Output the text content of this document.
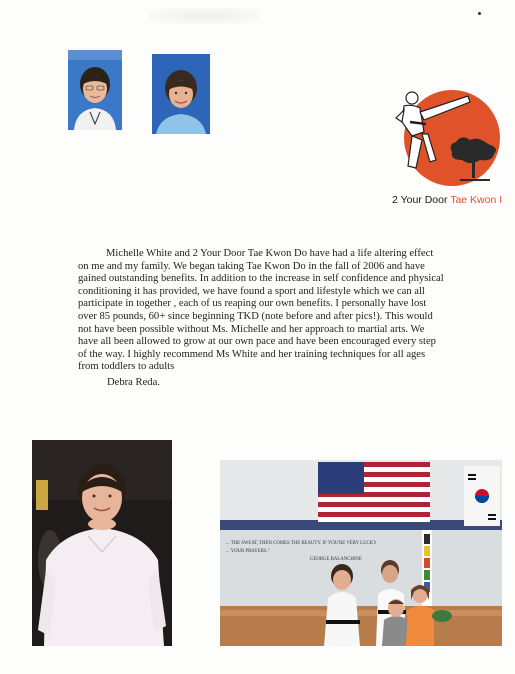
2 Your Door Tae Kwon I

Michelle White and 2 Your Door Tae Kwon Do have had a life altering effect on me and my family. We began taking Tae Kwon Do in the fall of 2006 and have gained outstanding benefits. In addition to the increase in self confidence and physical conditioning it has provided, we have found a sport and lifestyle which we can all participate in together , each of us reaping our own benefits. I personally have lost over 85 pounds, 60+ since beginning TKD (note before and after pics!). This would not have been possible without Ms. Michelle and her approach to martial arts. We have all been allowed to grow at our own pace and have been encouraged every step of the way. I highly recommend Ms White and her training techniques for all ages from toddlers to adults

Debra Reda.

... THE SWEAT, THEN COMES THE BEAUTY. IF YOU'RE VERY LUCKY
... YOUR PRAYERS."
GEORGE BALANCHINE
